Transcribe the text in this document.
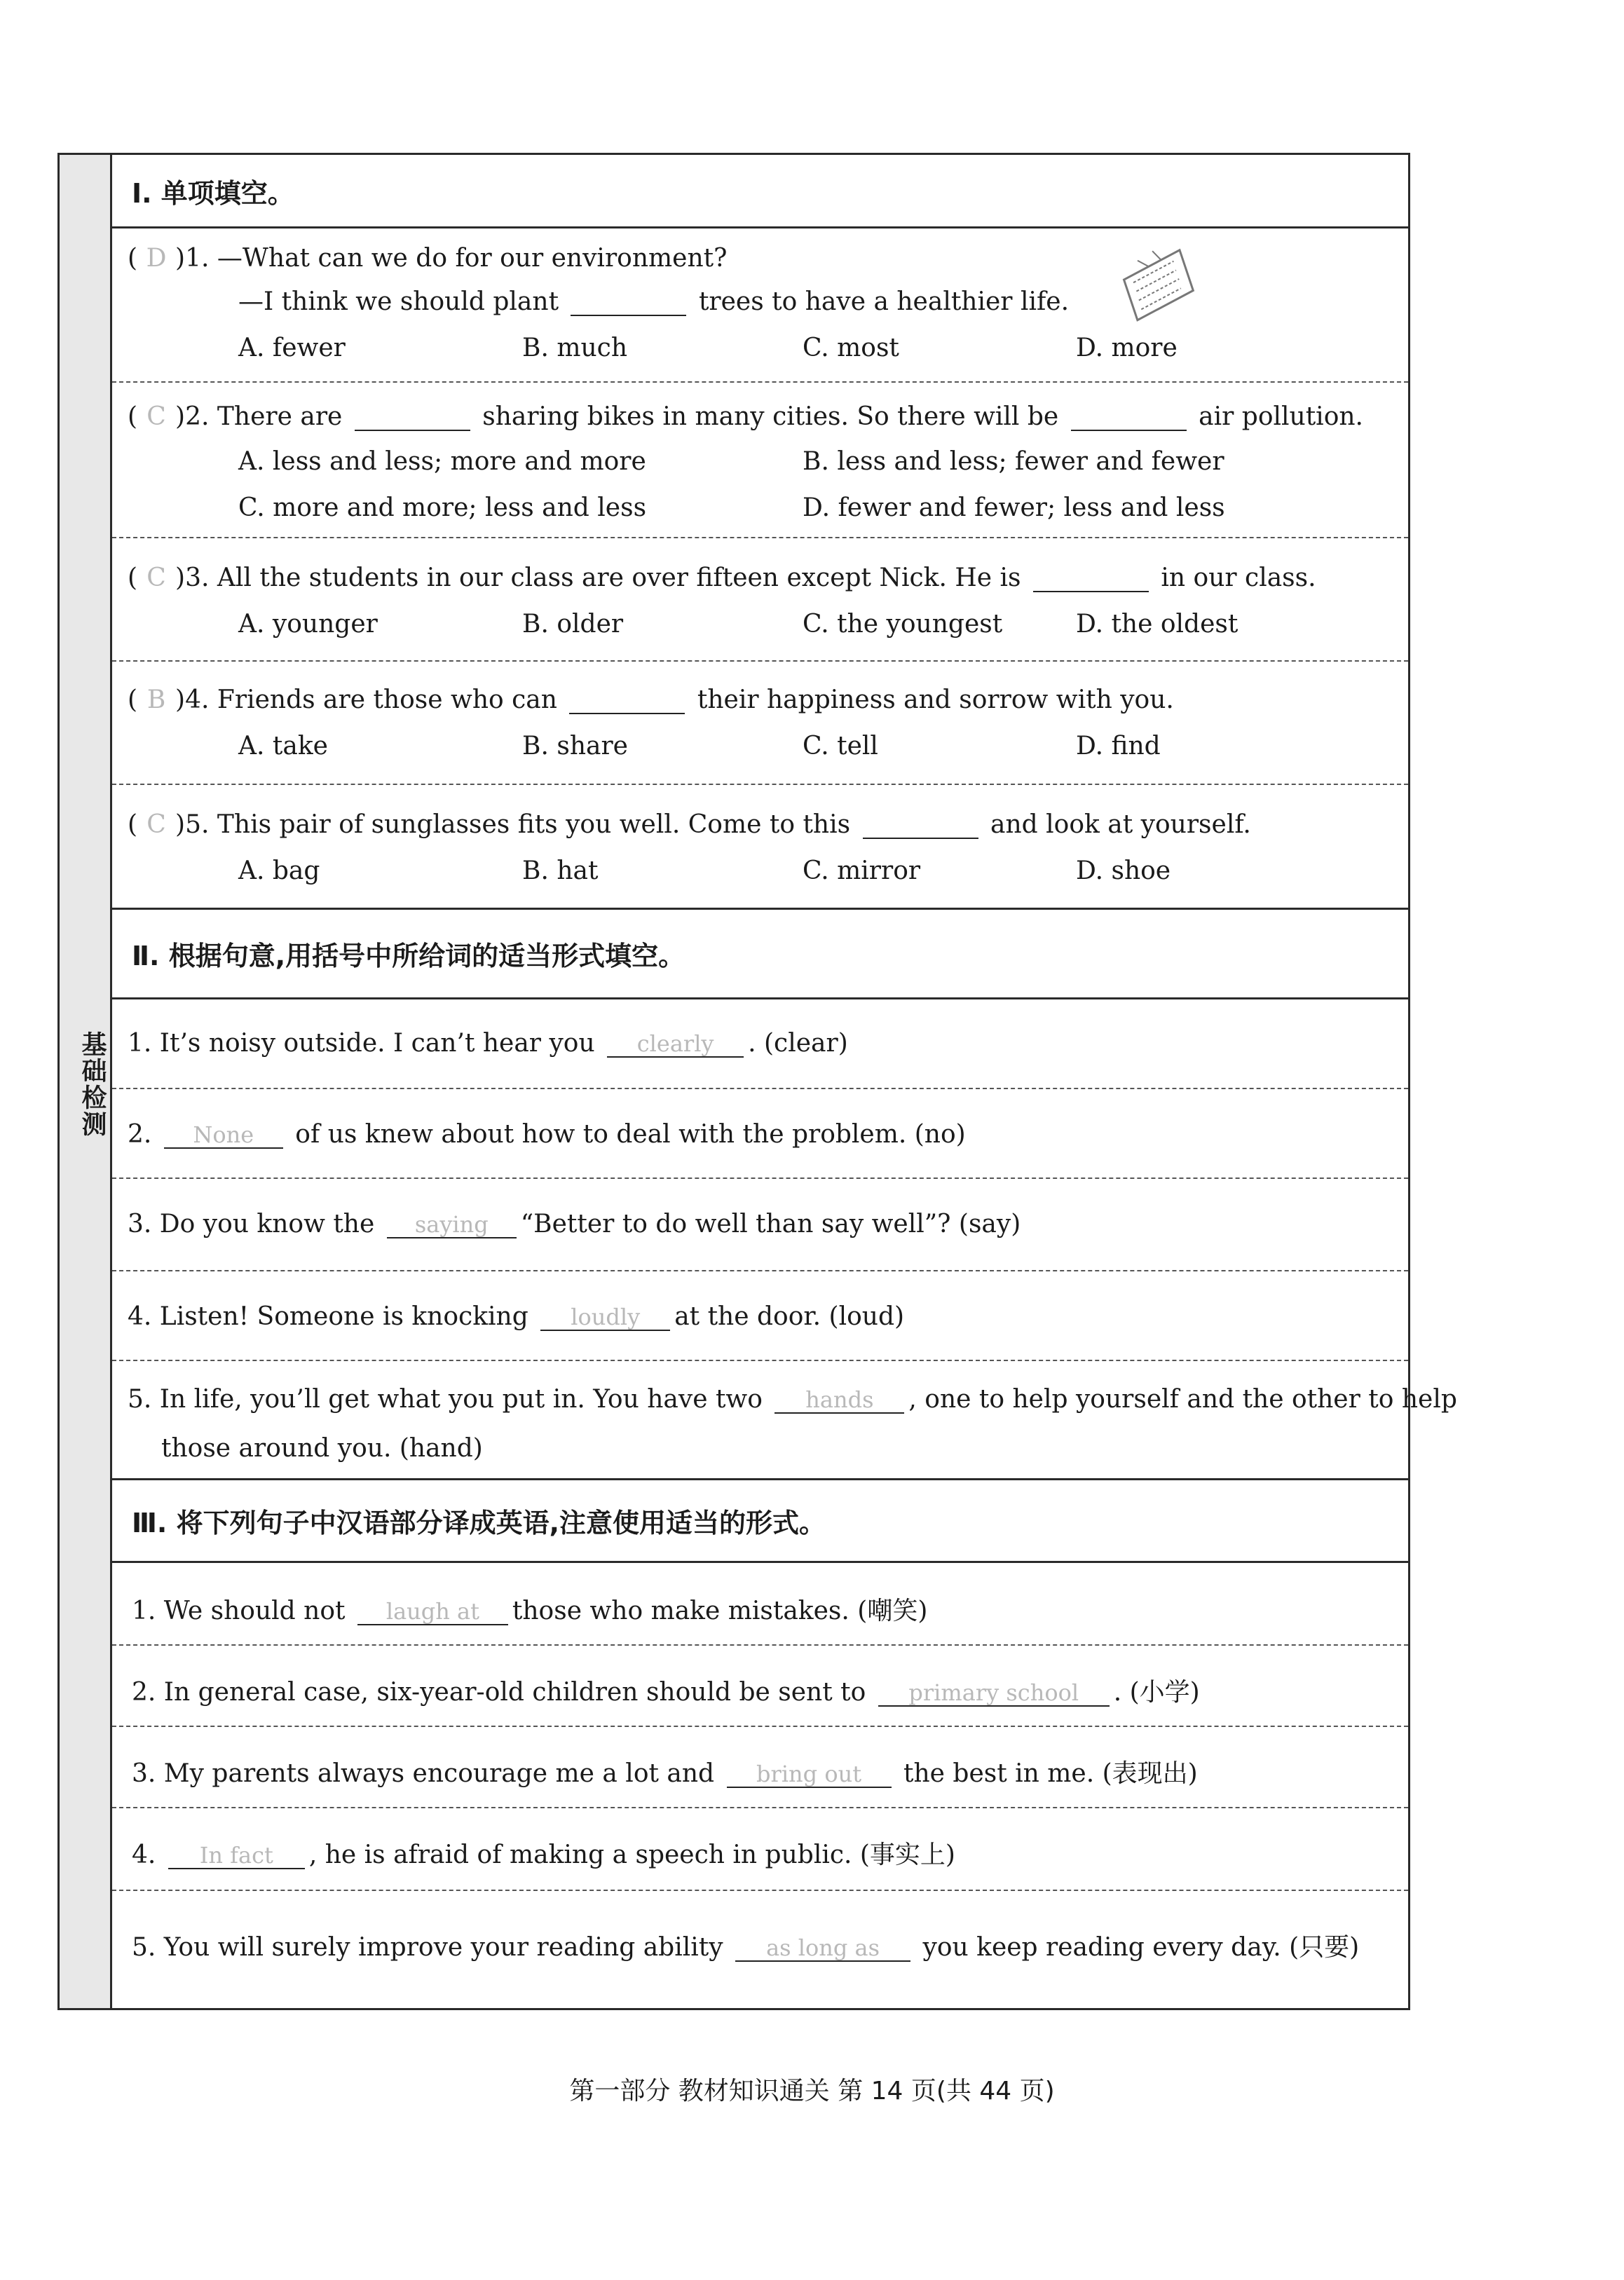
基础检测
Ⅰ. 单项填空。
( D )1. —What can we do for our environment?
—I think we should plant	trees to have a healthier life.
A. fewer	B. much	C. most	D. more
( C )2. There are	sharing bikes in many cities. So there will be	air pollution.
A. less and less; more and more	B. less and less; fewer and fewer
C. more and more; less and less	D. fewer and fewer; less and less
( C )3. All the students in our class are over fifteen except Nick. He is	in our class.
A. younger	B. older	C. the youngest	D. the oldest
( B )4. Friends are those who can	their happiness and sorrow with you.
A. take	B. share	C. tell	D. find
( C )5. This pair of sunglasses fits you well. Come to this	and look at yourself.
A. bag	B. hat	C. mirror	D. shoe
Ⅱ. 根据句意,用括号中所给词的适当形式填空。
1. It’s noisy outside. I can’t hear you clearly . (clear)
2. None of us knew about how to deal with the problem. (no)
3. Do you know the saying “Better to do well than say well”? (say)
4. Listen! Someone is knocking loudly at the door. (loud)
5. In life, you’ll get what you put in. You have two hands , one to help yourself and the other to help
those around you. (hand)
Ⅲ. 将下列句子中汉语部分译成英语,注意使用适当的形式。
1. We should not laugh at those who make mistakes. (嘲笑)
2. In general case, six-year-old children should be sent to primary school . (小学)
3. My parents always encourage me a lot and bring out the best in me. (表现出)
4. In fact , he is afraid of making a speech in public. (事实上)
5. You will surely improve your reading ability as long as you keep reading every day. (只要)
第一部分 教材知识通关 第 14 页(共 44 页)
